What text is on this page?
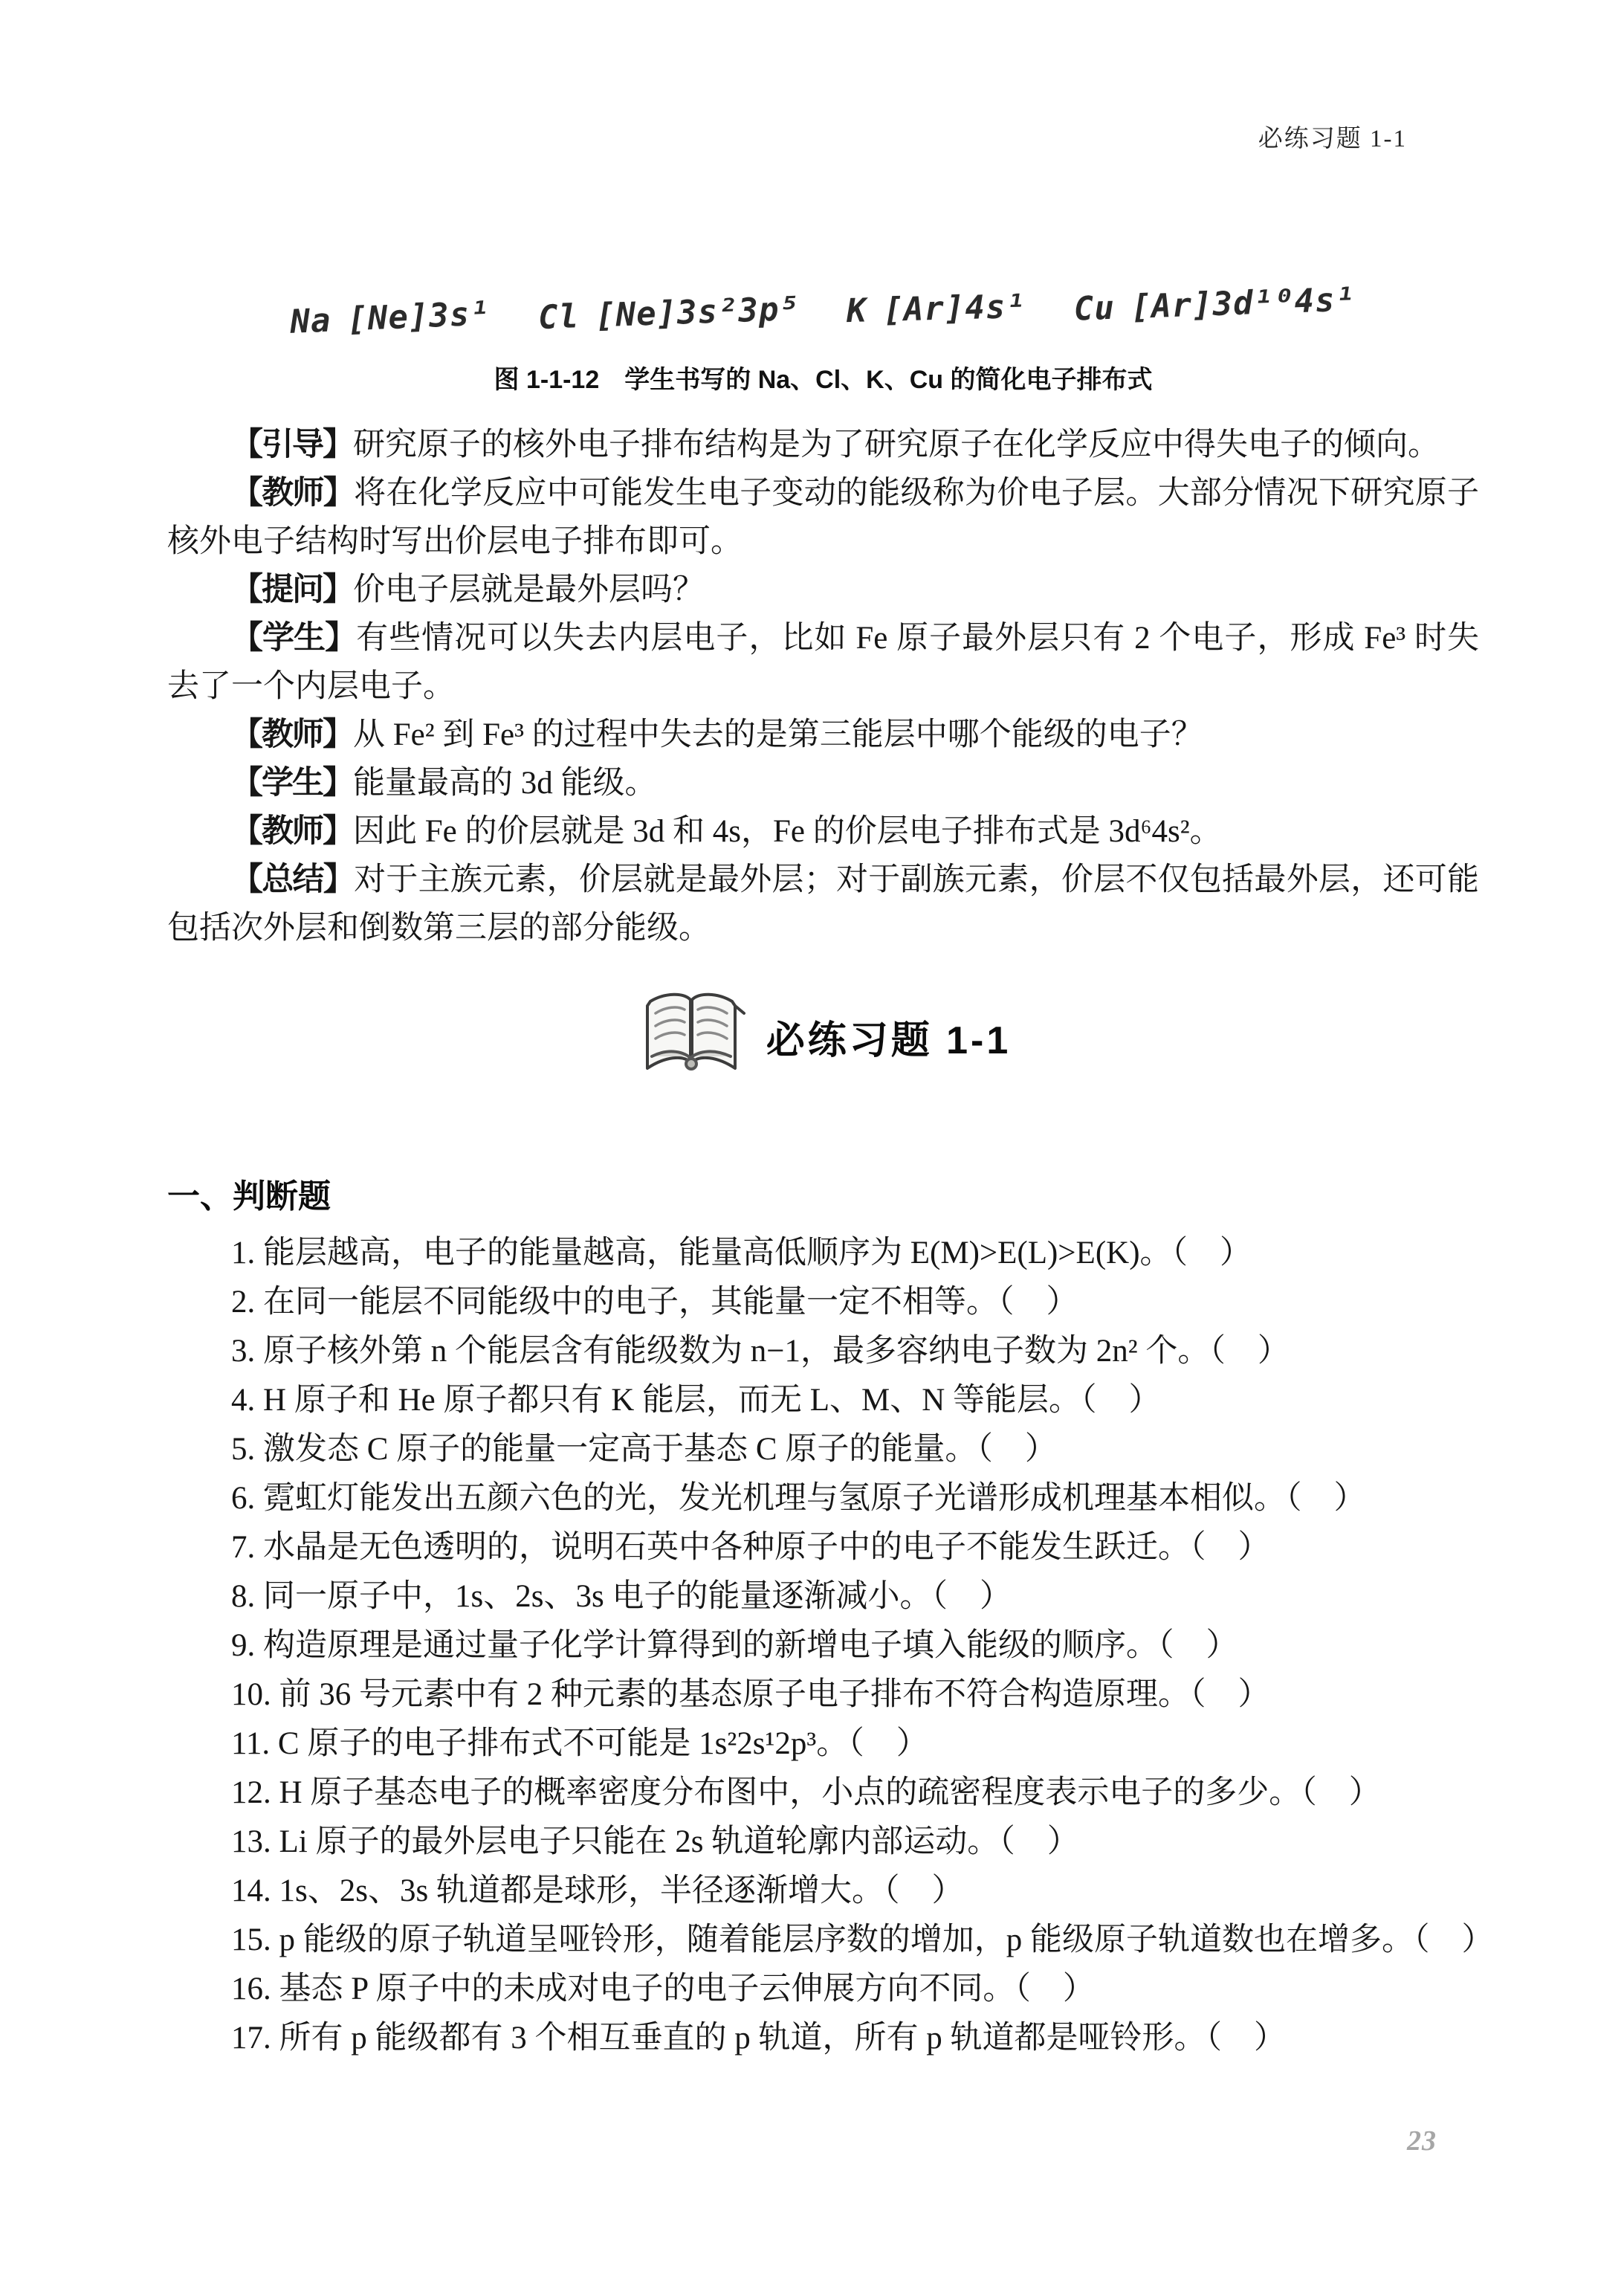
必练习题 1-1
Na [Ne]3s¹ Cl [Ne]3s²3p⁵ K [Ar]4s¹ Cu [Ar]3d¹⁰4s¹
图 1-1-12　学生书写的 Na、Cl、K、Cu 的简化电子排布式

【引导】研究原子的核外电子排布结构是为了研究原子在化学反应中得失电子的倾向。

【教师】将在化学反应中可能发生电子变动的能级称为价电子层。大部分情况下研究原子核外电子结构时写出价层电子排布即可。

【提问】价电子层就是最外层吗？

【学生】有些情况可以失去内层电子，比如 Fe 原子最外层只有 2 个电子，形成 Fe³ 时失去了一个内层电子。

【教师】从 Fe² 到 Fe³ 的过程中失去的是第三能层中哪个能级的电子？

【学生】能量最高的 3d 能级。

【教师】因此 Fe 的价层就是 3d 和 4s，Fe 的价层电子排布式是 3d⁶4s²。

【总结】对于主族元素，价层就是最外层；对于副族元素，价层不仅包括最外层，还可能包括次外层和倒数第三层的部分能级。

必练习题 1-1
一、判断题

1. 能层越高，电子的能量越高，能量高低顺序为 E(M)>E(L)>E(K)。（　）

2. 在同一能层不同能级中的电子，其能量一定不相等。（　）

3. 原子核外第 n 个能层含有能级数为 n−1，最多容纳电子数为 2n² 个。（　）

4. H 原子和 He 原子都只有 K 能层，而无 L、M、N 等能层。（　）

5. 激发态 C 原子的能量一定高于基态 C 原子的能量。（　）

6. 霓虹灯能发出五颜六色的光，发光机理与氢原子光谱形成机理基本相似。（　）

7. 水晶是无色透明的，说明石英中各种原子中的电子不能发生跃迁。（　）

8. 同一原子中，1s、2s、3s 电子的能量逐渐减小。（　）

9. 构造原理是通过量子化学计算得到的新增电子填入能级的顺序。（　）

10. 前 36 号元素中有 2 种元素的基态原子电子排布不符合构造原理。（　）

11. C 原子的电子排布式不可能是 1s²2s¹2p³。（　）

12. H 原子基态电子的概率密度分布图中，小点的疏密程度表示电子的多少。（　）

13. Li 原子的最外层电子只能在 2s 轨道轮廓内部运动。（　）

14. 1s、2s、3s 轨道都是球形，半径逐渐增大。（　）

15. p 能级的原子轨道呈哑铃形，随着能层序数的增加，p 能级原子轨道数也在增多。（　）

16. 基态 P 原子中的未成对电子的电子云伸展方向不同。（　）

17. 所有 p 能级都有 3 个相互垂直的 p 轨道，所有 p 轨道都是哑铃形。（　）

23
